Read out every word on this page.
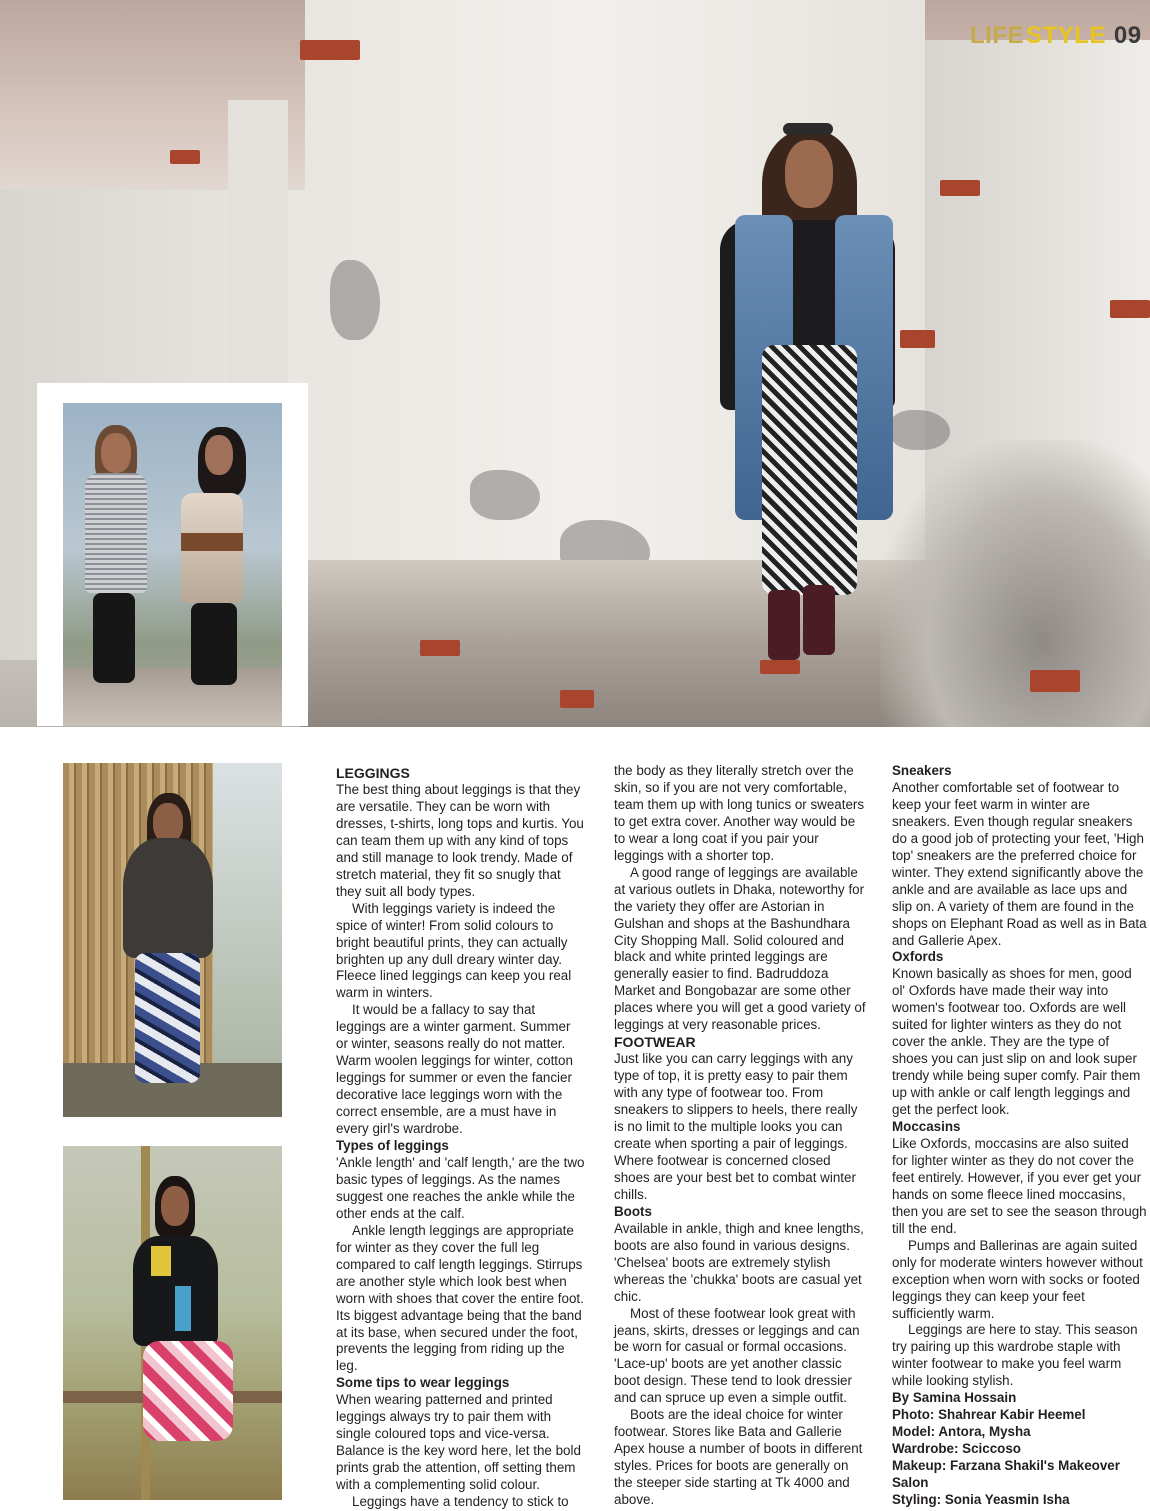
LIFE STYLE 09
LEGGINGS

The best thing about leggings is that they are versatile. They can be worn with dresses, t-shirts, long tops and kurtis. You can team them up with any kind of tops and still manage to look trendy. Made of stretch material, they fit so snugly that they suit all body types.

With leggings variety is indeed the spice of winter! From solid colours to bright beautiful prints, they can actually brighten up any dull dreary winter day. Fleece lined leggings can keep you real warm in winters.

It would be a fallacy to say that leggings are a winter garment. Summer or winter, seasons really do not matter. Warm woolen leggings for winter, cotton leggings for summer or even the fancier decorative lace leggings worn with the correct ensemble, are a must have in every girl's wardrobe.

Types of leggings

'Ankle length' and 'calf length,' are the two basic types of leggings. As the names suggest one reaches the ankle while the other ends at the calf.

Ankle length leggings are appropriate for winter as they cover the full leg compared to calf length leggings. Stirrups are another style which look best when worn with shoes that cover the entire foot. Its biggest advantage being that the band at its base, when secured under the foot, prevents the legging from riding up the leg.

Some tips to wear leggings

When wearing patterned and printed leggings always try to pair them with single coloured tops and vice-versa. Balance is the key word here, let the bold prints grab the attention, off setting them with a complementing solid colour.

Leggings have a tendency to stick to

the body as they literally stretch over the skin, so if you are not very comfortable, team them up with long tunics or sweaters to get extra cover. Another way would be to wear a long coat if you pair your leggings with a shorter top.

A good range of leggings are available at various outlets in Dhaka, noteworthy for the variety they offer are Astorian in Gulshan and shops at the Bashundhara City Shopping Mall. Solid coloured and black and white printed leggings are generally easier to find. Badruddoza Market and Bongobazar are some other places where you will get a good variety of leggings at very reasonable prices.

FOOTWEAR

Just like you can carry leggings with any type of top, it is pretty easy to pair them with any type of footwear too. From sneakers to slippers to heels, there really is no limit to the multiple looks you can create when sporting a pair of leggings. Where footwear is concerned closed shoes are your best bet to combat winter chills.

Boots

Available in ankle, thigh and knee lengths, boots are also found in various designs. 'Chelsea' boots are extremely stylish whereas the 'chukka' boots are casual yet chic.

Most of these footwear look great with jeans, skirts, dresses or leggings and can be worn for casual or formal occasions. 'Lace-up' boots are yet another classic boot design. These tend to look dressier and can spruce up even a simple outfit.

Boots are the ideal choice for winter footwear. Stores like Bata and Gallerie Apex house a number of boots in different styles. Prices for boots are generally on the steeper side starting at Tk 4000 and above.

Sneakers

Another comfortable set of footwear to keep your feet warm in winter are sneakers. Even though regular sneakers do a good job of protecting your feet, 'High top' sneakers are the preferred choice for winter. They extend significantly above the ankle and are available as lace ups and slip on. A variety of them are found in the shops on Elephant Road as well as in Bata and Gallerie Apex.

Oxfords

Known basically as shoes for men, good ol' Oxfords have made their way into women's footwear too. Oxfords are well suited for lighter winters as they do not cover the ankle. They are the type of shoes you can just slip on and look super trendy while being super comfy. Pair them up with ankle or calf length leggings and get the perfect look.

Moccasins

Like Oxfords, moccasins are also suited for lighter winter as they do not cover the feet entirely. However, if you ever get your hands on some fleece lined moccasins, then you are set to see the season through till the end.

Pumps and Ballerinas are again suited only for moderate winters however without exception when worn with socks or footed leggings they can keep your feet sufficiently warm.

Leggings are here to stay. This season try pairing up this wardrobe staple with winter footwear to make you feel warm while looking stylish.

By Samina Hossain

Photo: Shahrear Kabir Heemel

Model: Antora, Mysha

Wardrobe: Sciccoso

Makeup: Farzana Shakil's Makeover Salon

Styling: Sonia Yeasmin Isha
